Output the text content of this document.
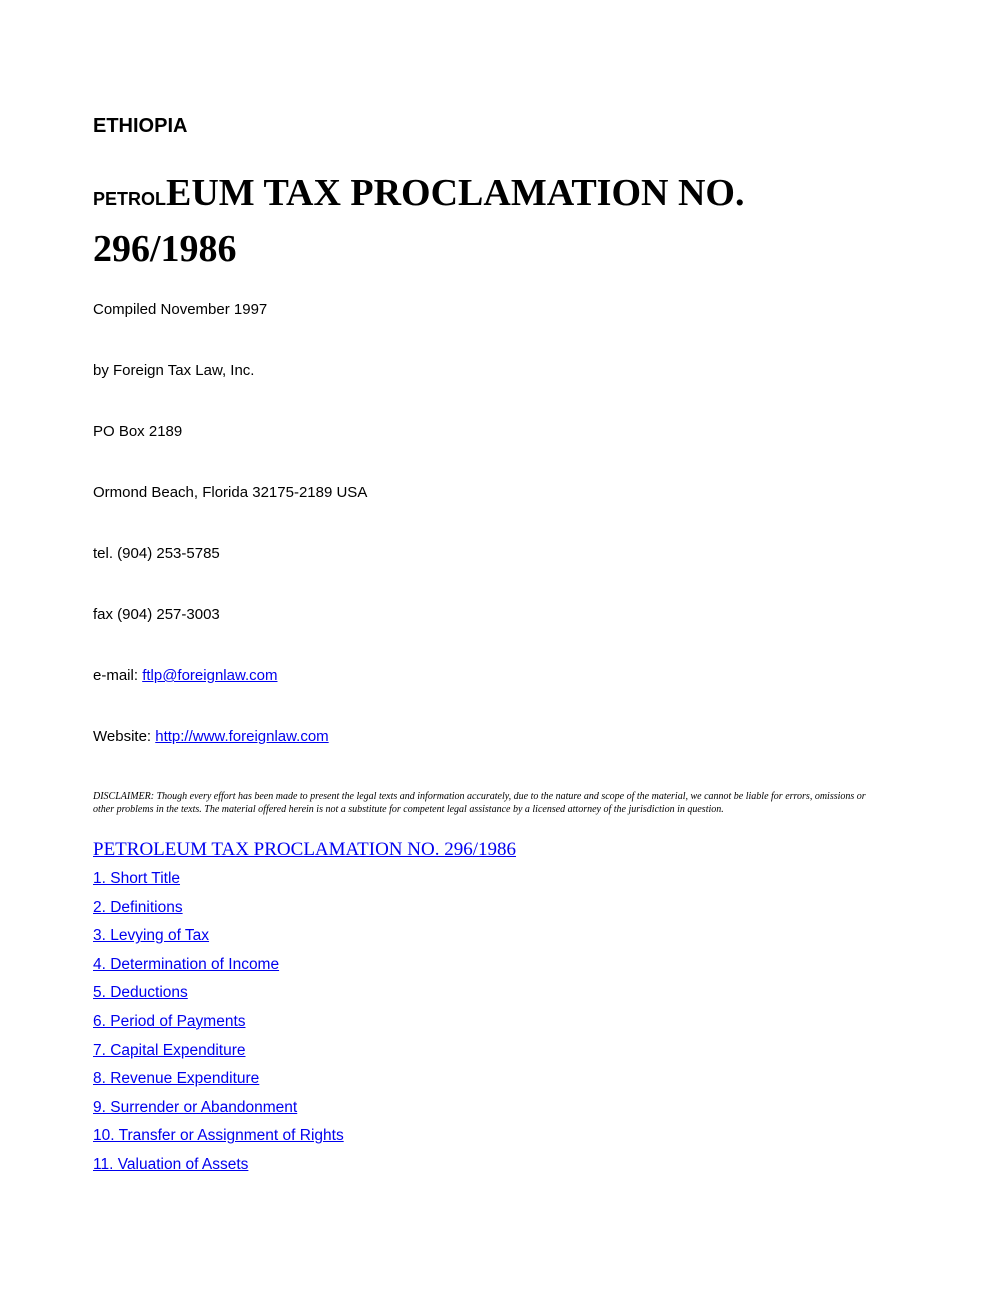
ETHIOPIA
PETROLEUM TAX PROCLAMATION NO. 296/1986

Compiled November 1997

by Foreign Tax Law, Inc.

PO Box 2189

Ormond Beach, Florida 32175-2189 USA

tel. (904) 253-5785

fax (904) 257-3003

e-mail: ftlp@foreignlaw.com

Website: http://www.foreignlaw.com

DISCLAIMER: Though every effort has been made to present the legal texts and information accurately, due to the nature and scope of the material, we cannot be liable for errors, omissions or other problems in the texts. The material offered herein is not a substitute for competent legal assistance by a licensed attorney of the jurisdiction in question.

PETROLEUM TAX PROCLAMATION NO. 296/1986
1. Short Title
2. Definitions
3. Levying of Tax
4. Determination of Income
5. Deductions
6. Period of Payments
7. Capital Expenditure
8. Revenue Expenditure
9. Surrender or Abandonment
10. Transfer or Assignment of Rights
11. Valuation of Assets
